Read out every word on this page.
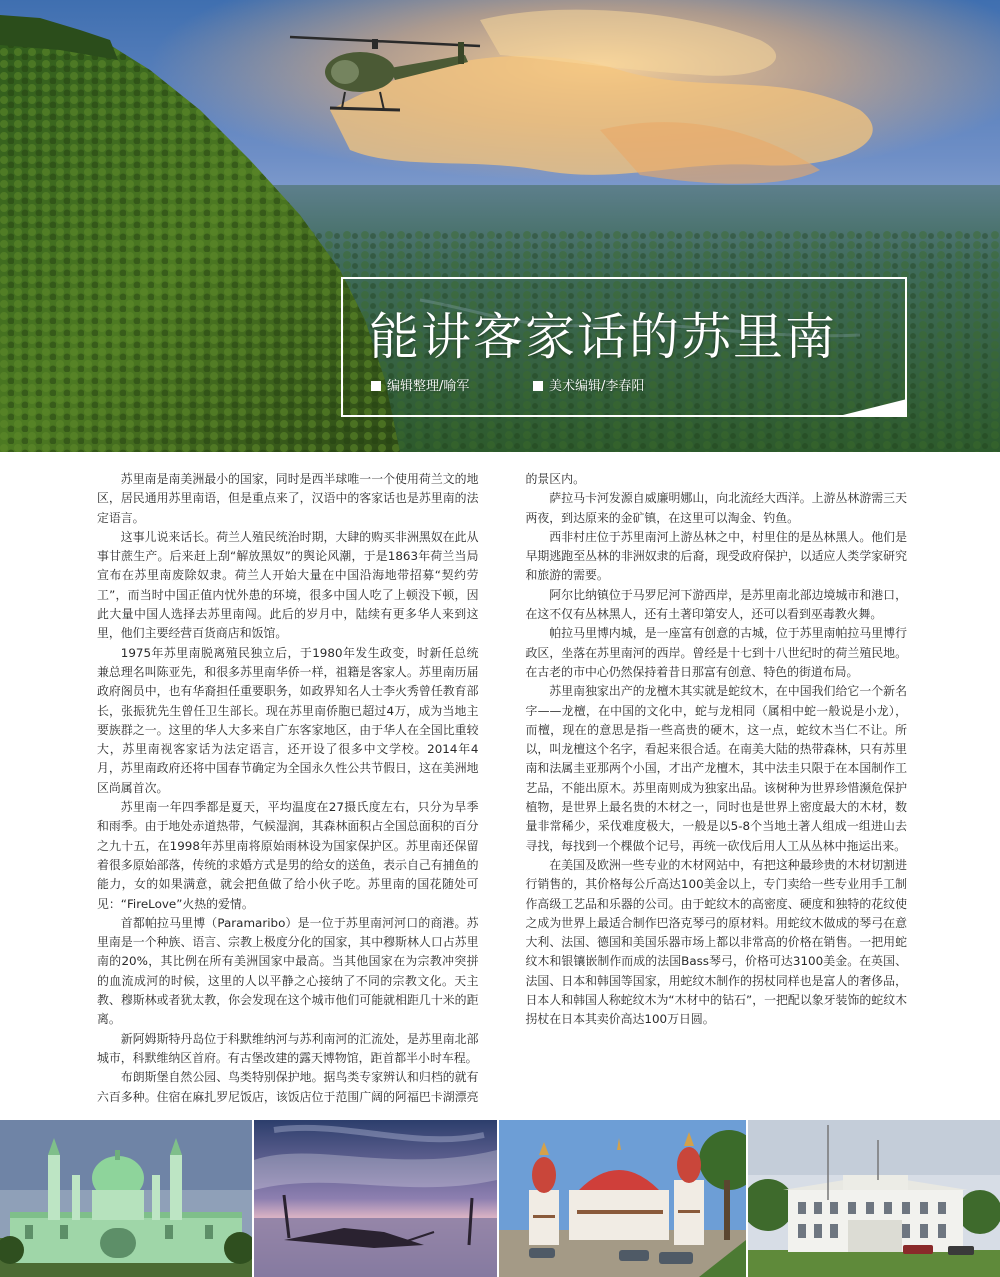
能讲客家话的苏里南
编辑整理/喻军	美术编辑/李春阳

苏里南是南美洲最小的国家，同时是西半球唯一一个使用荷兰文的地区，居民通用苏里南语，但是重点来了，汉语中的客家话也是苏里南的法定语言。

这事儿说来话长。荷兰人殖民统治时期，大肆的购买非洲黑奴在此从事甘蔗生产。后来赶上刮“解放黑奴”的舆论风潮，于是1863年荷兰当局宣布在苏里南废除奴隶。荷兰人开始大量在中国沿海地带招募“契约劳工”，而当时中国正值内忧外患的环境，很多中国人吃了上顿没下顿，因此大量中国人选择去苏里南闯。此后的岁月中，陆续有更多华人来到这里，他们主要经营百货商店和饭馆。

1975年苏里南脱离殖民独立后，于1980年发生政变，时新任总统兼总理名叫陈亚先，和很多苏里南华侨一样，祖籍是客家人。苏里南历届政府阁员中，也有华裔担任重要职务，如政界知名人士李火秀曾任教育部长，张振犹先生曾任卫生部长。现在苏里南侨胞已超过4万，成为当地主要族群之一。这里的华人大多来自广东客家地区，由于华人在全国比重较大，苏里南视客家话为法定语言，还开设了很多中文学校。2014年4月，苏里南政府还将中国春节确定为全国永久性公共节假日，这在美洲地区尚属首次。

苏里南一年四季都是夏天，平均温度在27摄氏度左右，只分为旱季和雨季。由于地处赤道热带，气候湿润，其森林面积占全国总面积的百分之九十五，在1998年苏里南将原始雨林设为国家保护区。苏里南还保留着很多原始部落，传统的求婚方式是男的给女的送鱼，表示自己有捕鱼的能力，女的如果满意，就会把鱼做了给小伙子吃。苏里南的国花随处可见：“FireLove”火热的爱情。

首都帕拉马里博（Paramaribo）是一位于苏里南河河口的商港。苏里南是一个种族、语言、宗教上极度分化的国家，其中穆斯林人口占苏里南的20%，其比例在所有美洲国家中最高。当其他国家在为宗教冲突拼的血流成河的时候，这里的人以平静之心接纳了不同的宗教文化。天主教、穆斯林或者犹太教，你会发现在这个城市他们可能就相距几十米的距离。

新阿姆斯特丹岛位于科默维纳河与苏利南河的汇流处，是苏里南北部城市，科默维纳区首府。有古堡改建的露天博物馆，距首都半小时车程。

布朗斯堡自然公园、鸟类特别保护地。据鸟类专家辨认和归档的就有六百多种。住宿在麻扎罗尼饭店，该饭店位于范围广阔的阿福巴卡湖漂亮的景区内。

萨拉马卡河发源自威廉明娜山，向北流经大西洋。上游丛林游需三天两夜，到达原来的金矿镇，在这里可以淘金、钓鱼。

西非村庄位于苏里南河上游丛林之中，村里住的是丛林黑人。他们是早期逃跑至丛林的非洲奴隶的后裔，现受政府保护，以适应人类学家研究和旅游的需要。

阿尔比纳镇位于马罗尼河下游西岸，是苏里南北部边境城市和港口，在这不仅有丛林黑人，还有土著印第安人，还可以看到巫毒教火舞。

帕拉马里博内城，是一座富有创意的古城，位于苏里南帕拉马里博行政区，坐落在苏里南河的西岸。曾经是十七到十八世纪时的荷兰殖民地。在古老的市中心仍然保持着昔日那富有创意、特色的街道布局。

苏里南独家出产的龙檀木其实就是蛇纹木，在中国我们给它一个新名字——龙檀，在中国的文化中，蛇与龙相同（属相中蛇一般说是小龙），而檀，现在的意思是指一些高贵的硬木，这一点，蛇纹木当仁不让。所以，叫龙檀这个名字，看起来很合适。在南美大陆的热带森林，只有苏里南和法属圭亚那两个小国，才出产龙檀木，其中法圭只限于在本国制作工艺品，不能出原木。苏里南则成为独家出品。该树种为世界珍惜濒危保护植物，是世界上最名贵的木材之一，同时也是世界上密度最大的木材，数量非常稀少，采伐难度极大，一般是以5-8个当地土著人组成一组进山去寻找，每找到一个棵做个记号，再统一砍伐后用人工从丛林中拖运出来。

在美国及欧洲一些专业的木材网站中，有把这种最珍贵的木材切割进行销售的，其价格每公斤高达100美金以上，专门卖给一些专业用手工制作高级工艺品和乐器的公司。由于蛇纹木的高密度、硬度和独特的花纹使之成为世界上最适合制作巴洛克琴弓的原材料。用蛇纹木做成的琴弓在意大利、法国、德国和美国乐器市场上都以非常高的价格在销售。一把用蛇纹木和银镶嵌制作而成的法国Bass琴弓，价格可达3100美金。在英国、法国、日本和韩国等国家，用蛇纹木制作的拐杖同样也是富人的奢侈品，日本人和韩国人称蛇纹木为“木材中的钻石”，一把配以象牙装饰的蛇纹木拐杖在日本其卖价高达100万日圆。
